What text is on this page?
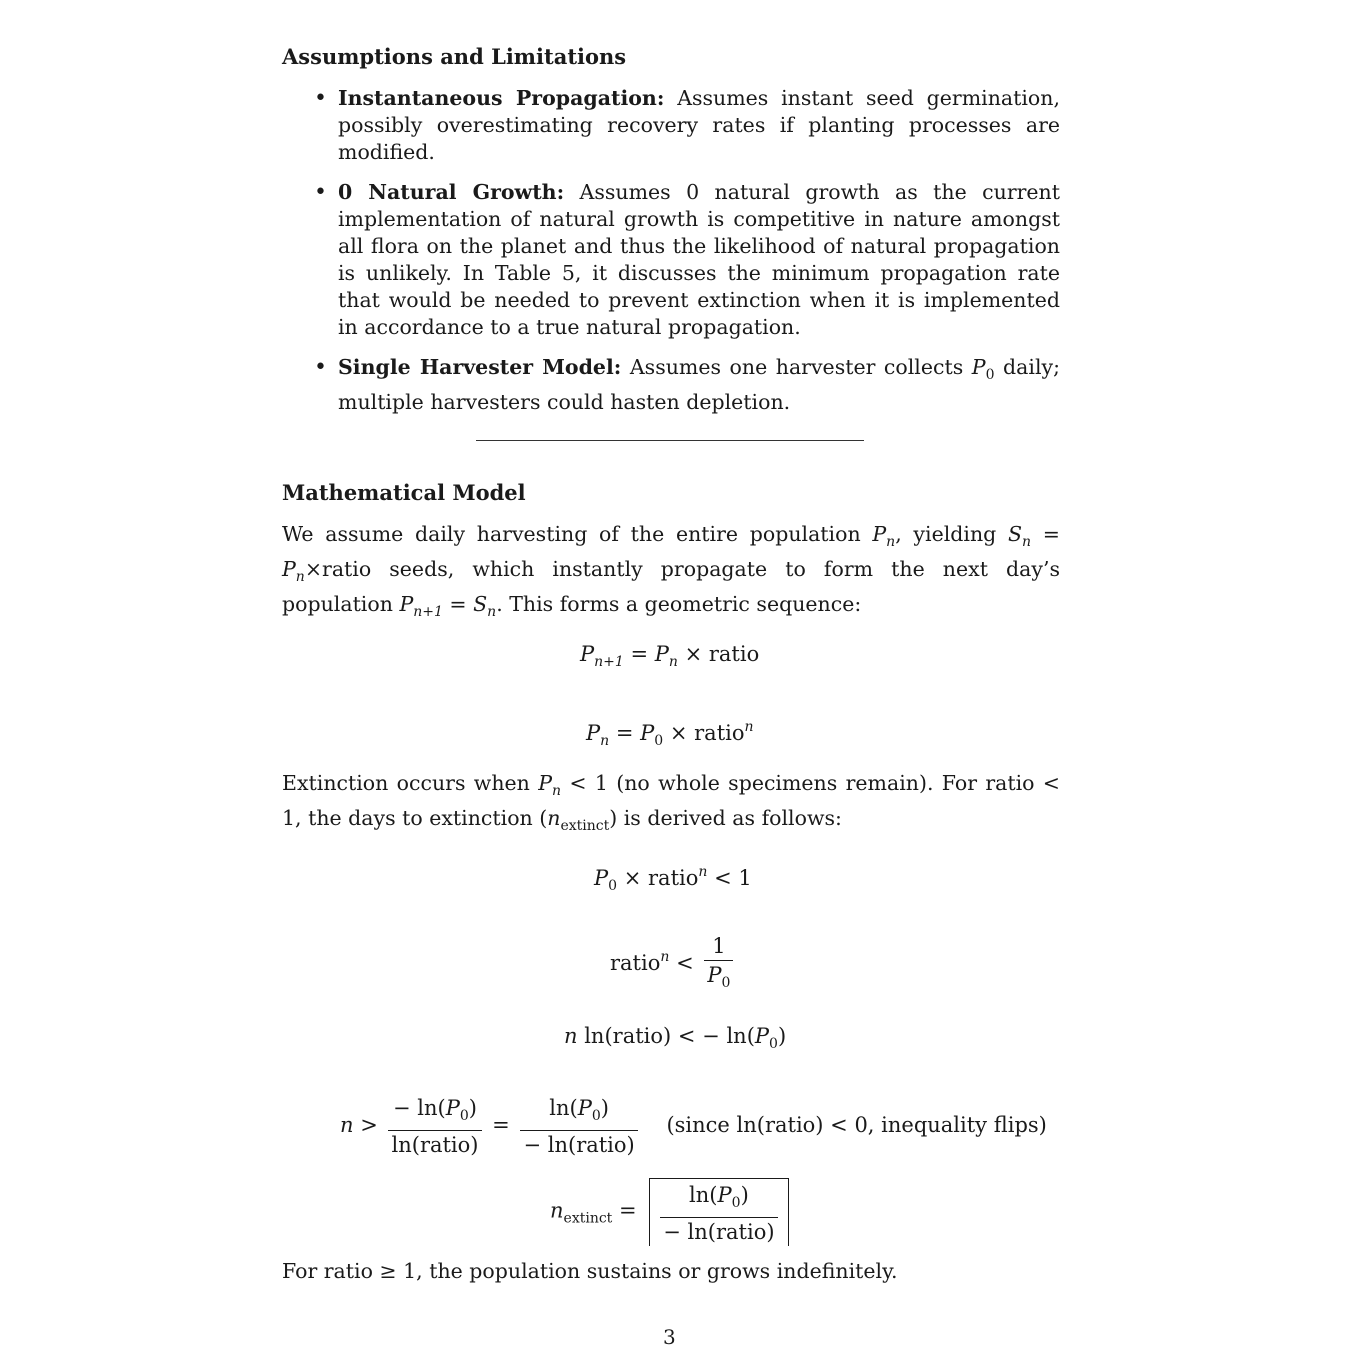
Assumptions and Limitations
• Instantaneous Propagation: Assumes instant seed germination, possibly overestimating recovery rates if planting processes are modified.
• 0 Natural Growth: Assumes 0 natural growth as the current implementation of natural growth is competitive in nature amongst all flora on the planet and thus the likelihood of natural propagation is unlikely. In Table 5, it discusses the minimum propagation rate that would be needed to prevent extinction when it is implemented in accordance to a true natural propagation.
• Single Harvester Model: Assumes one harvester collects $P_0$ daily; multiple harvesters could hasten depletion.
Mathematical Model
We assume daily harvesting of the entire population $P_n$, yielding $S_n$ = $P_n\times ratio$ seeds, which instantly propagate to form the next day’s population $P_{n+1} = S_n$. This forms a geometric sequence:
$P_{n+1} = P_n$ × ratio
$P_n = P_0$ × ratio$^n$
Extinction occurs when $P_n < 1$ (no whole specimens remain). For ratio < 1, the days to extinction $(n_{extinct})$ is derived as follows:
$P_0$ × ratio$^n$ < 1
ratio$^n$ < $\frac{1}{P_0}$
n ln(ratio) < − $\ln(P_0)$
$n > \frac{- \ln(P_0)}{\text{ln(ratio)}} = \frac{\ln(P_0)}{\text{− ln(ratio)}}$ (since ln(ratio) < 0, inequality flips)
$n_{extinct} = \frac{\ln(P_0)}{\text{− ln(ratio)}}$
For ratio ≥ 1, the population sustains or grows indefinitely.
3
